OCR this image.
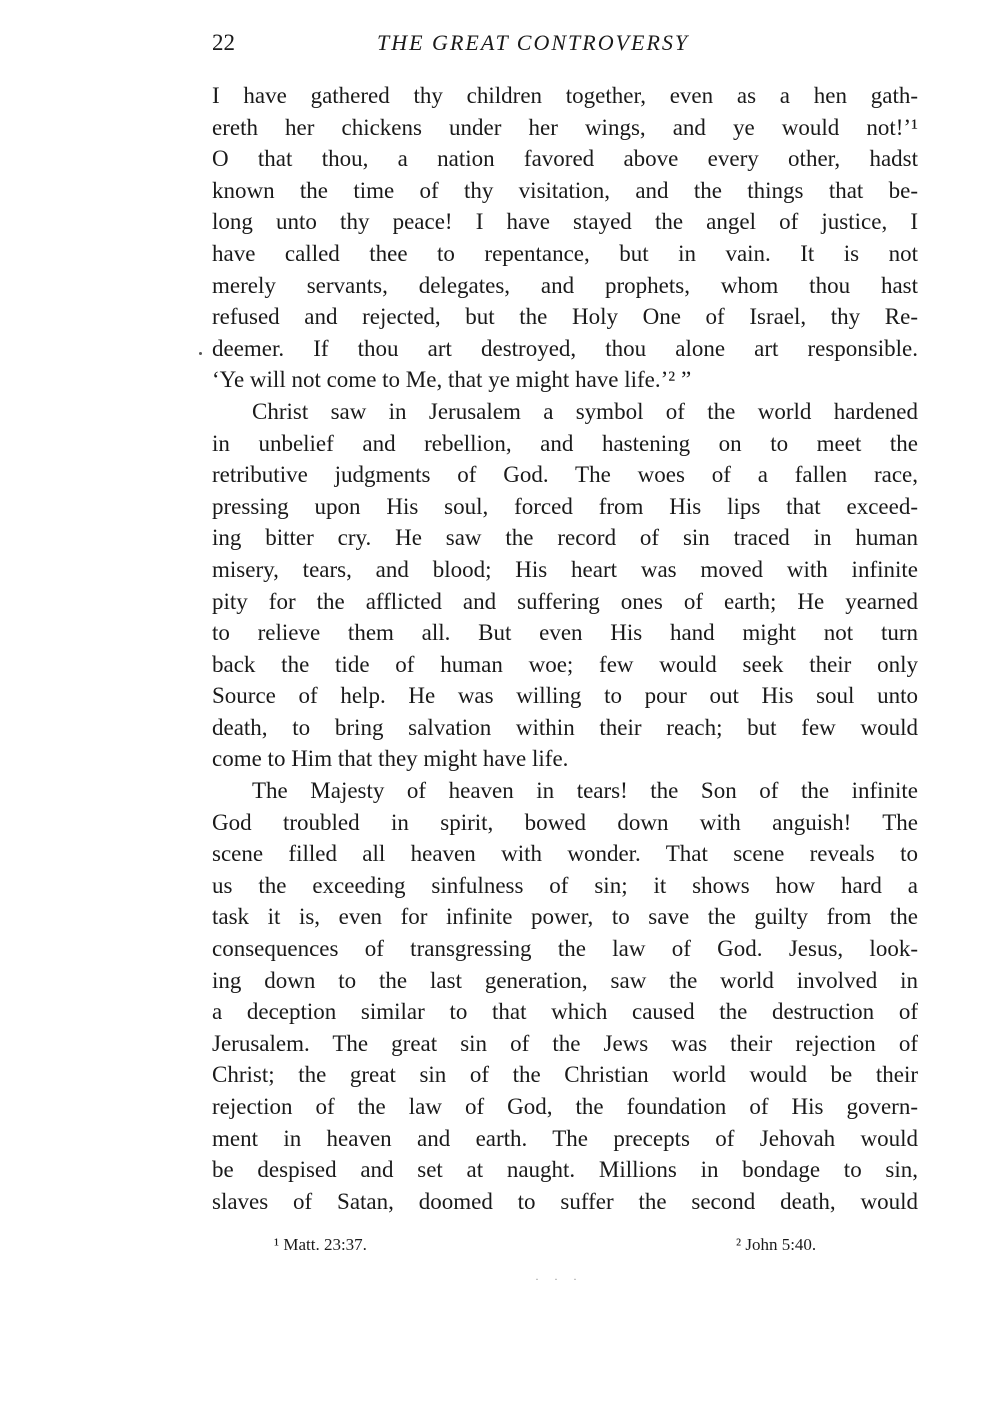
22	THE GREAT CONTROVERSY
I have gathered thy children together, even as a hen gath-
ereth her chickens under her wings, and ye would not!’¹
O that thou, a nation favored above every other, hadst
known the time of thy visitation, and the things that be-
long unto thy peace! I have stayed the angel of justice, I
have called thee to repentance, but in vain. It is not
merely servants, delegates, and prophets, whom thou hast
refused and rejected, but the Holy One of Israel, thy Re-
deemer. If thou art destroyed, thou alone art responsible.
‘Ye will not come to Me, that ye might have life.’² ”
Christ saw in Jerusalem a symbol of the world hardened
in unbelief and rebellion, and hastening on to meet the
retributive judgments of God. The woes of a fallen race,
pressing upon His soul, forced from His lips that exceed-
ing bitter cry. He saw the record of sin traced in human
misery, tears, and blood; His heart was moved with infinite
pity for the afflicted and suffering ones of earth; He yearned
to relieve them all. But even His hand might not turn
back the tide of human woe; few would seek their only
Source of help. He was willing to pour out His soul unto
death, to bring salvation within their reach; but few would
come to Him that they might have life.
The Majesty of heaven in tears! the Son of the infinite
God troubled in spirit, bowed down with anguish! The
scene filled all heaven with wonder. That scene reveals to
us the exceeding sinfulness of sin; it shows how hard a
task it is, even for infinite power, to save the guilty from the
consequences of transgressing the law of God. Jesus, look-
ing down to the last generation, saw the world involved in
a deception similar to that which caused the destruction of
Jerusalem. The great sin of the Jews was their rejection of
Christ; the great sin of the Christian world would be their
rejection of the law of God, the foundation of His govern-
ment in heaven and earth. The precepts of Jehovah would
be despised and set at naught. Millions in bondage to sin,
slaves of Satan, doomed to suffer the second death, would
¹ Matt. 23:37.	² John 5:40.
· · ·
